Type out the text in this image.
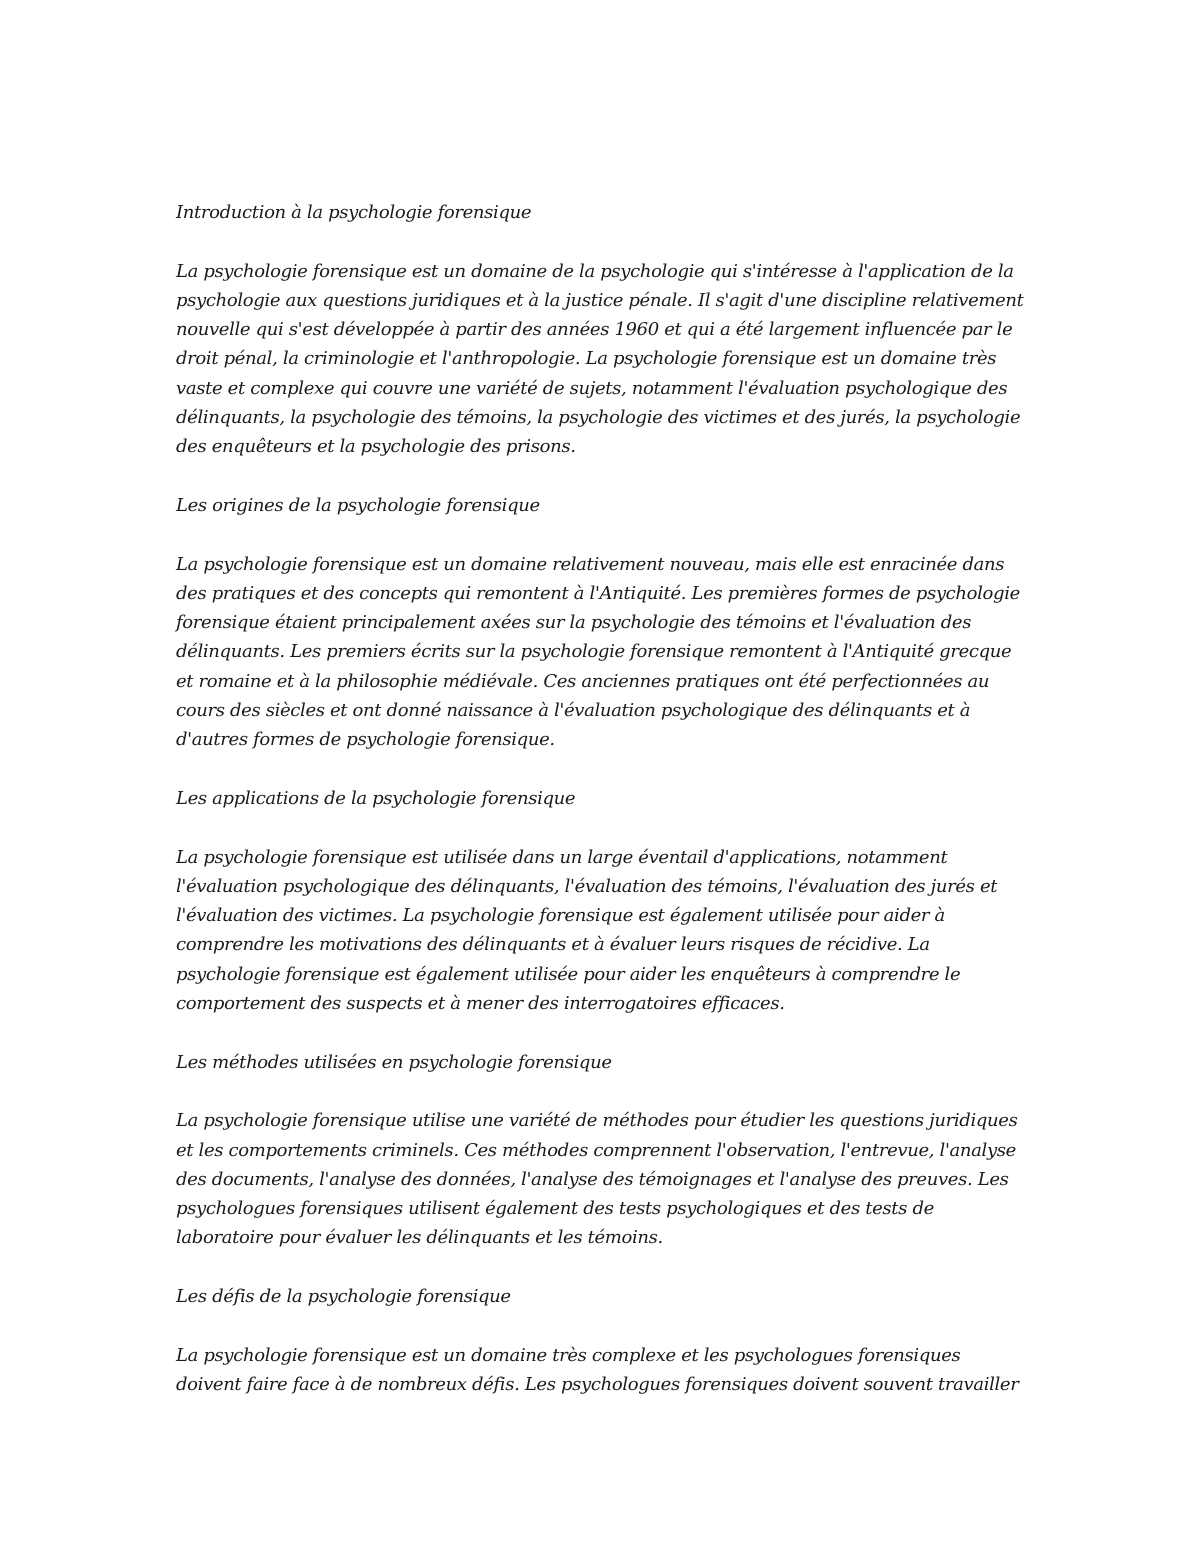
Introduction à la psychologie forensique

La psychologie forensique est un domaine de la psychologie qui s'intéresse à l'application de la psychologie aux questions juridiques et à la justice pénale. Il s'agit d'une discipline relativement nouvelle qui s'est développée à partir des années 1960 et qui a été largement influencée par le droit pénal, la criminologie et l'anthropologie. La psychologie forensique est un domaine très vaste et complexe qui couvre une variété de sujets, notamment l'évaluation psychologique des délinquants, la psychologie des témoins, la psychologie des victimes et des jurés, la psychologie des enquêteurs et la psychologie des prisons.

Les origines de la psychologie forensique

La psychologie forensique est un domaine relativement nouveau, mais elle est enracinée dans des pratiques et des concepts qui remontent à l'Antiquité. Les premières formes de psychologie forensique étaient principalement axées sur la psychologie des témoins et l'évaluation des délinquants. Les premiers écrits sur la psychologie forensique remontent à l'Antiquité grecque et romaine et à la philosophie médiévale. Ces anciennes pratiques ont été perfectionnées au cours des siècles et ont donné naissance à l'évaluation psychologique des délinquants et à d'autres formes de psychologie forensique.

Les applications de la psychologie forensique

La psychologie forensique est utilisée dans un large éventail d'applications, notamment l'évaluation psychologique des délinquants, l'évaluation des témoins, l'évaluation des jurés et l'évaluation des victimes. La psychologie forensique est également utilisée pour aider à comprendre les motivations des délinquants et à évaluer leurs risques de récidive. La psychologie forensique est également utilisée pour aider les enquêteurs à comprendre le comportement des suspects et à mener des interrogatoires efficaces.

Les méthodes utilisées en psychologie forensique

La psychologie forensique utilise une variété de méthodes pour étudier les questions juridiques et les comportements criminels. Ces méthodes comprennent l'observation, l'entrevue, l'analyse des documents, l'analyse des données, l'analyse des témoignages et l'analyse des preuves. Les psychologues forensiques utilisent également des tests psychologiques et des tests de laboratoire pour évaluer les délinquants et les témoins.

Les défis de la psychologie forensique

La psychologie forensique est un domaine très complexe et les psychologues forensiques doivent faire face à de nombreux défis. Les psychologues forensiques doivent souvent travailler
